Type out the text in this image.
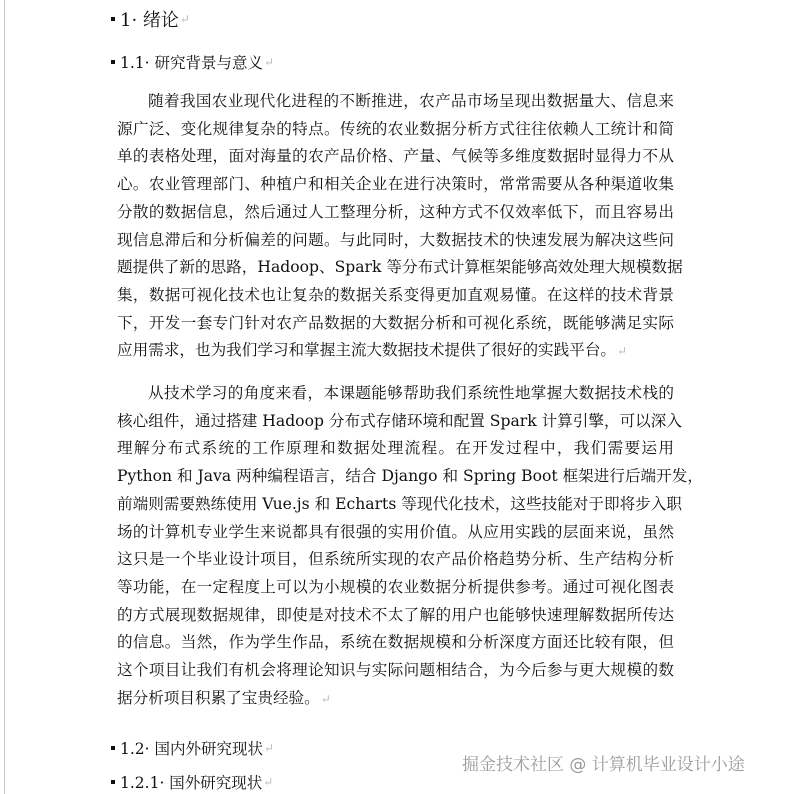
1· 绪论 ↵
1.1· 研究背景与意义 ↵
随着我国农业现代化进程的不断推进，农产品市场呈现出数据量大、信息来
源广泛、变化规律复杂的特点。传统的农业数据分析方式往往依赖人工统计和简
单的表格处理，面对海量的农产品价格、产量、气候等多维度数据时显得力不从
心。农业管理部门、种植户和相关企业在进行决策时，常常需要从各种渠道收集
分散的数据信息，然后通过人工整理分析，这种方式不仅效率低下，而且容易出
现信息滞后和分析偏差的问题。与此同时，大数据技术的快速发展为解决这些问
题提供了新的思路，Hadoop、Spark 等分布式计算框架能够高效处理大规模数据
集，数据可视化技术也让复杂的数据关系变得更加直观易懂。在这样的技术背景
下，开发一套专门针对农产品数据的大数据分析和可视化系统，既能够满足实际
应用需求，也为我们学习和掌握主流大数据技术提供了很好的实践平台。↵
从技术学习的角度来看，本课题能够帮助我们系统性地掌握大数据技术栈的
核心组件，通过搭建 Hadoop 分布式存储环境和配置 Spark 计算引擎，可以深入
理解分布式系统的工作原理和数据处理流程。在开发过程中，我们需要运用
Python 和 Java 两种编程语言，结合 Django 和 Spring Boot 框架进行后端开发，
前端则需要熟练使用 Vue.js 和 Echarts 等现代化技术，这些技能对于即将步入职
场的计算机专业学生来说都具有很强的实用价值。从应用实践的层面来说，虽然
这只是一个毕业设计项目，但系统所实现的农产品价格趋势分析、生产结构分析
等功能，在一定程度上可以为小规模的农业数据分析提供参考。通过可视化图表
的方式展现数据规律，即使是对技术不太了解的用户也能够快速理解数据所传达
的信息。当然，作为学生作品，系统在数据规模和分析深度方面还比较有限，但
这个项目让我们有机会将理论知识与实际问题相结合，为今后参与更大规模的数
据分析项目积累了宝贵经验。↵
1.2· 国内外研究现状 ↵
1.2.1· 国外研究现状 ↵
掘金技术社区 @ 计算机毕业设计小途
